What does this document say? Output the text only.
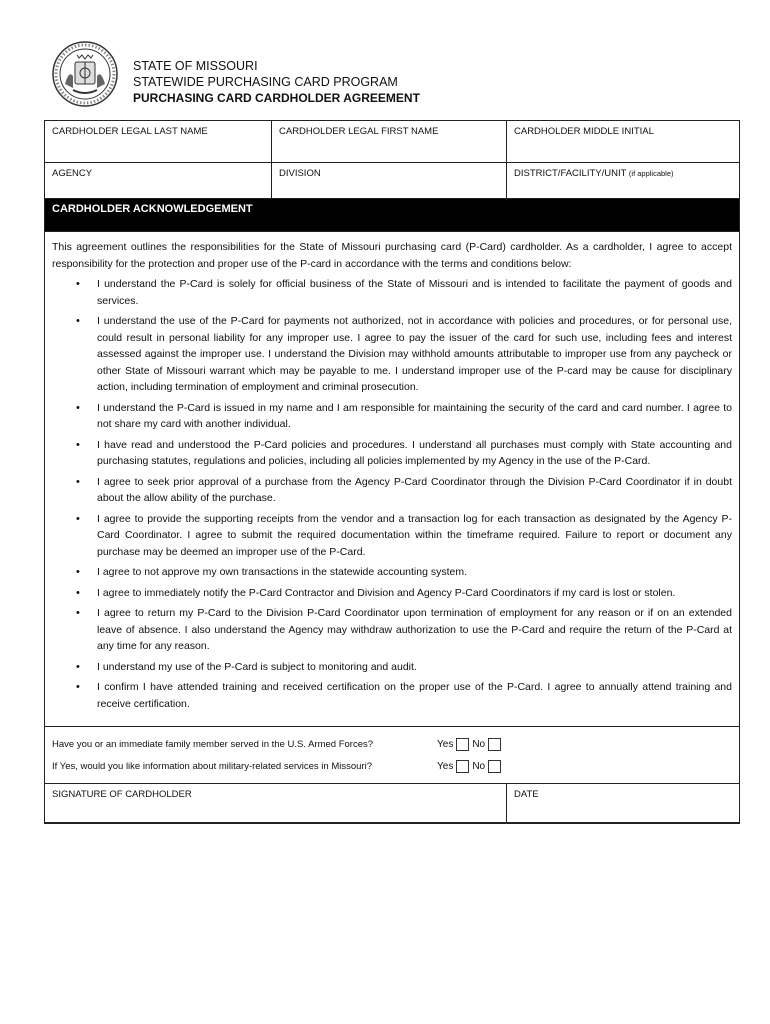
STATE OF MISSOURI
STATEWIDE PURCHASING CARD PROGRAM
PURCHASING CARD CARDHOLDER AGREEMENT
CARDHOLDER LEGAL LAST NAME	CARDHOLDER LEGAL FIRST NAME	CARDHOLDER MIDDLE INITIAL
AGENCY	DIVISION	DISTRICT/FACILITY/UNIT (if applicable)
CARDHOLDER ACKNOWLEDGEMENT
This agreement outlines the responsibilities for the State of Missouri purchasing card (P-Card) cardholder. As a cardholder, I agree to accept responsibility for the protection and proper use of the P-card in accordance with the terms and conditions below:
• I understand the P-Card is solely for official business of the State of Missouri and is intended to facilitate the payment of goods and services.
• I understand the use of the P-Card for payments not authorized, not in accordance with policies and procedures, or for personal use, could result in personal liability for any improper use. I agree to pay the issuer of the card for such use, including fees and interest assessed against the improper use. I understand the Division may withhold amounts attributable to improper use from any paycheck or other State of Missouri warrant which may be payable to me. I understand improper use of the P-card may be cause for disciplinary action, including termination of employment and criminal prosecution.
• I understand the P-Card is issued in my name and I am responsible for maintaining the security of the card and card number. I agree to not share my card with another individual.
• I have read and understood the P-Card policies and procedures. I understand all purchases must comply with State accounting and purchasing statutes, regulations and policies, including all policies implemented by my Agency in the use of the P-Card.
• I agree to seek prior approval of a purchase from the Agency P-Card Coordinator through the Division P-Card Coordinator if in doubt about the allow ability of the purchase.
• I agree to provide the supporting receipts from the vendor and a transaction log for each transaction as designated by the Agency P-Card Coordinator. I agree to submit the required documentation within the timeframe required. Failure to report or document any purchase may be deemed an improper use of the P-Card.
• I agree to not approve my own transactions in the statewide accounting system.
• I agree to immediately notify the P-Card Contractor and Division and Agency P-Card Coordinators if my card is lost or stolen.
• I agree to return my P-Card to the Division P-Card Coordinator upon termination of employment for any reason or if on an extended leave of absence. I also understand the Agency may withdraw authorization to use the P-Card and require the return of the P-Card at any time for any reason.
• I understand my use of the P-Card is subject to monitoring and audit.
• I confirm I have attended training and received certification on the proper use of the P-Card. I agree to annually attend training and receive certification.
Have you or an immediate family member served in the U.S. Armed Forces?	Yes No
If Yes, would you like information about military-related services in Missouri?	Yes No
SIGNATURE OF CARDHOLDER	DATE
